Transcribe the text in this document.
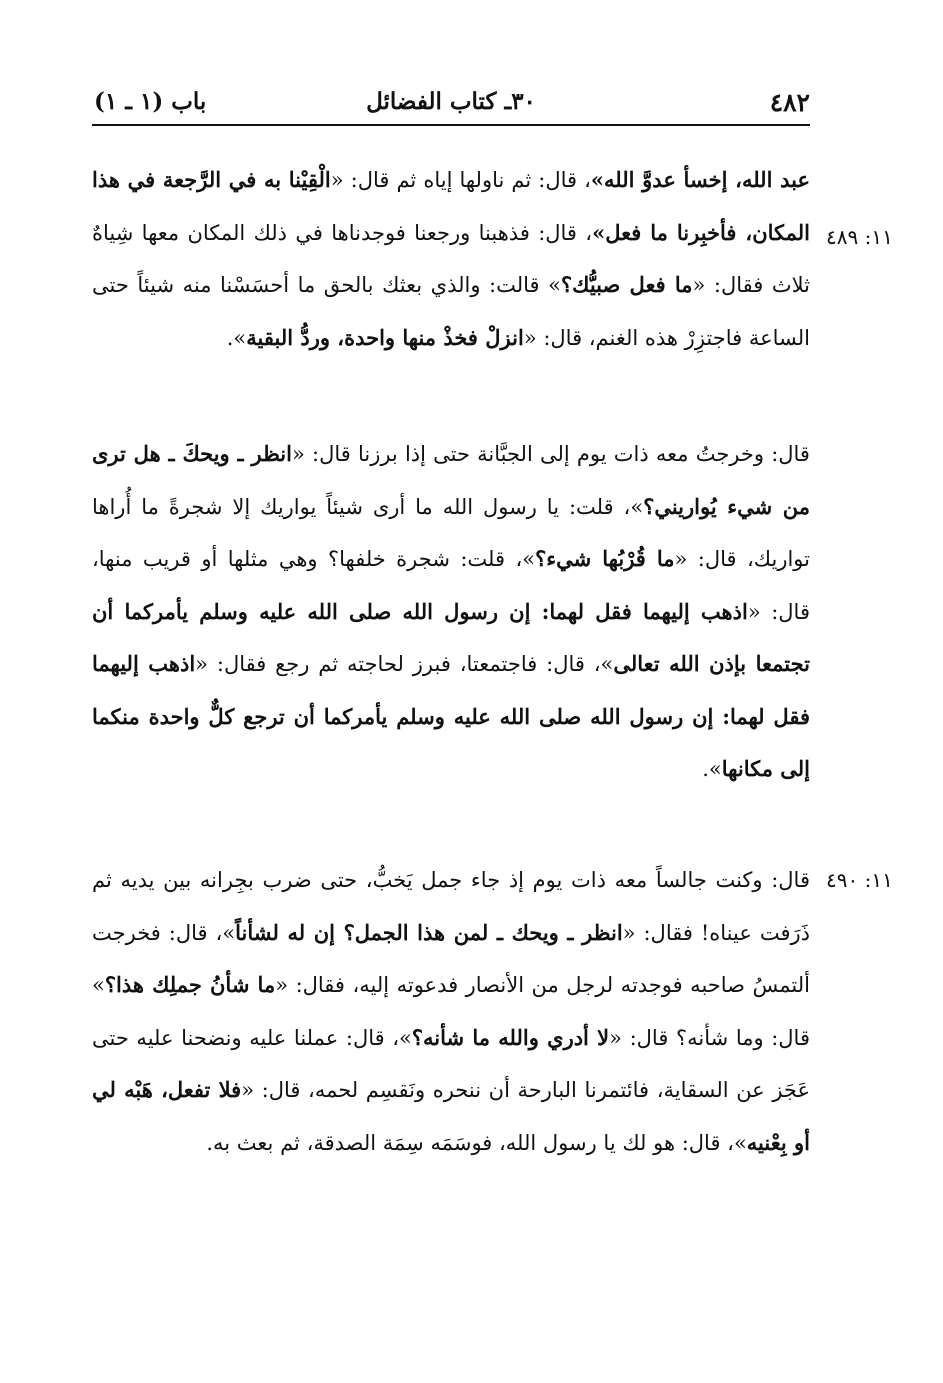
٤٨٢
٣٠ـ كتاب الفضائل
باب (١ ـ ١)
١١: ٤٨٩
١١: ٤٩٠

عبد الله، إخسأ عدوَّ الله»، قال: ثم ناولها إياه ثم قال: «الْقِيْنا به في الرَّجعة في هذا المكان، فأخبِرنا ما فعل»، قال: فذهبنا ورجعنا فوجدناها في ذلك المكان معها شِياهٌ ثلاث فقال: «ما فعل صبيُّك؟» قالت: والذي بعثك بالحق ما أحسَسْنا منه شيئاً حتى الساعة فاجتزِرْ هذه الغنم، قال: «انزلْ فخذْ منها واحدة، وردُّ البقية».

قال: وخرجتُ معه ذات يوم إلى الجبَّانة حتى إذا برزنا قال: «انظر ـ ويحكَ ـ هل ترى من شيء يُواريني؟»، قلت: يا رسول الله ما أرى شيئاً يواريك إلا شجرةً ما أُراها تواريك، قال: «ما قُرْبُها شيء؟»، قلت: شجرة خلفها؟ وهي مثلها أو قريب منها، قال: «اذهب إليهما فقل لهما: إن رسول الله صلى الله عليه وسلم يأمركما أن تجتمعا بإذن الله تعالى»، قال: فاجتمعتا، فبرز لحاجته ثم رجع فقال: «اذهب إليهما فقل لهما: إن رسول الله صلى الله عليه وسلم يأمركما أن ترجع كلٌّ واحدة منكما إلى مكانها».

قال: وكنت جالساً معه ذات يوم إذ جاء جمل يَخبُّ، حتى ضرب بجِرانه بين يديه ثم ذَرَفت عيناه! فقال: «انظر ـ ويحك ـ لمن هذا الجمل؟ إن له لشأناً»، قال: فخرجت ألتمسُ صاحبه فوجدته لرجل من الأنصار فدعوته إليه، فقال: «ما شأنُ جملِك هذا؟» قال: وما شأنه؟ قال: «لا أدري والله ما شأنه؟»، قال: عملنا عليه ونضحنا عليه حتى عَجَز عن السقاية، فائتمرنا البارحة أن ننحره ونَقسِم لحمه، قال: «فلا تفعل، هَبْه لي أو بِعْنيه»، قال: هو لك يا رسول الله، فوسَمَه سِمَة الصدقة، ثم بعث به.
